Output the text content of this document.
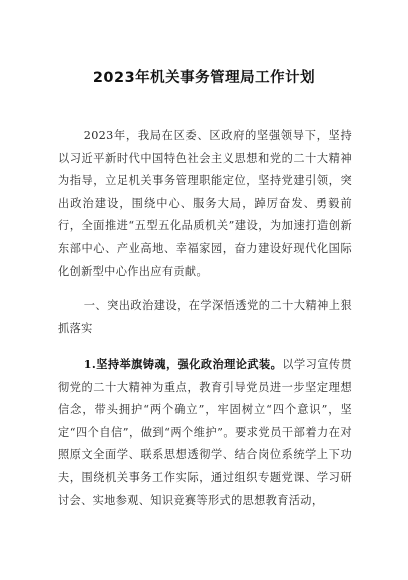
2023年机关事务管理局工作计划

2023年，我局在区委、区政府的坚强领导下，坚持以习近平新时代中国特色社会主义思想和党的二十大精神为指导，立足机关事务管理职能定位，坚持党建引领，突出政治建设，围绕中心、服务大局，踔厉奋发、勇毅前行，全面推进“五型五化品质机关”建设，为加速打造创新东部中心、产业高地、幸福家园，奋力建设好现代化国际化创新型中心作出应有贡献。

一、突出政治建设，在学深悟透党的二十大精神上狠抓落实

1.坚持举旗铸魂，强化政治理论武装。以学习宣传贯彻党的二十大精神为重点，教育引导党员进一步坚定理想信念，带头拥护“两个确立”，牢固树立“四个意识”，坚定“四个自信”，做到“两个维护”。要求党员干部着力在对照原文全面学、联系思想透彻学、结合岗位系统学上下功夫，围绕机关事务工作实际，通过组织专题党课、学习研讨会、实地参观、知识竞赛等形式的思想教育活动，
